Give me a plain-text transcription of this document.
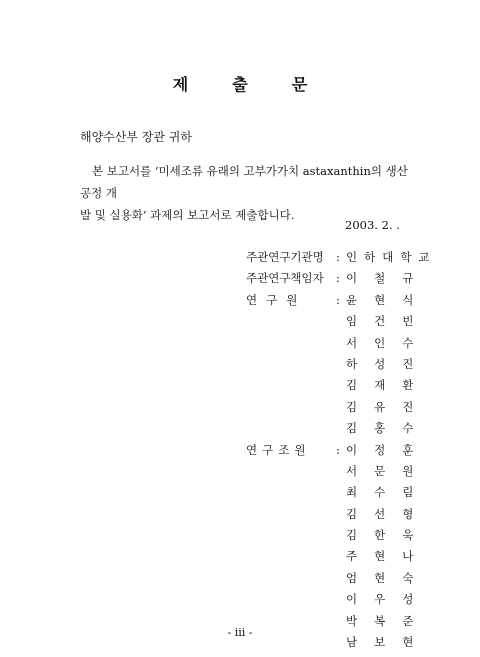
제	출	문
해양수산부 장관 귀하
본 보고서를 ‘미세조류 유래의 고부가가치 astaxanthin의 생산공정 개
발 및 실용화’ 과제의 보고서로 제출합니다.
2003. 2. .
주관연구기관명 : 인하대학교
주관연구책임자 : 이철규
연구원	: 윤현식
임건빈
서인수
하성진
김재환
김유진
김홍수
연구조원 : 이정훈
서문원
최수림
김선형
김한욱
주현나
엄현숙
이우성
박복준
남보현
- ⅲ -
